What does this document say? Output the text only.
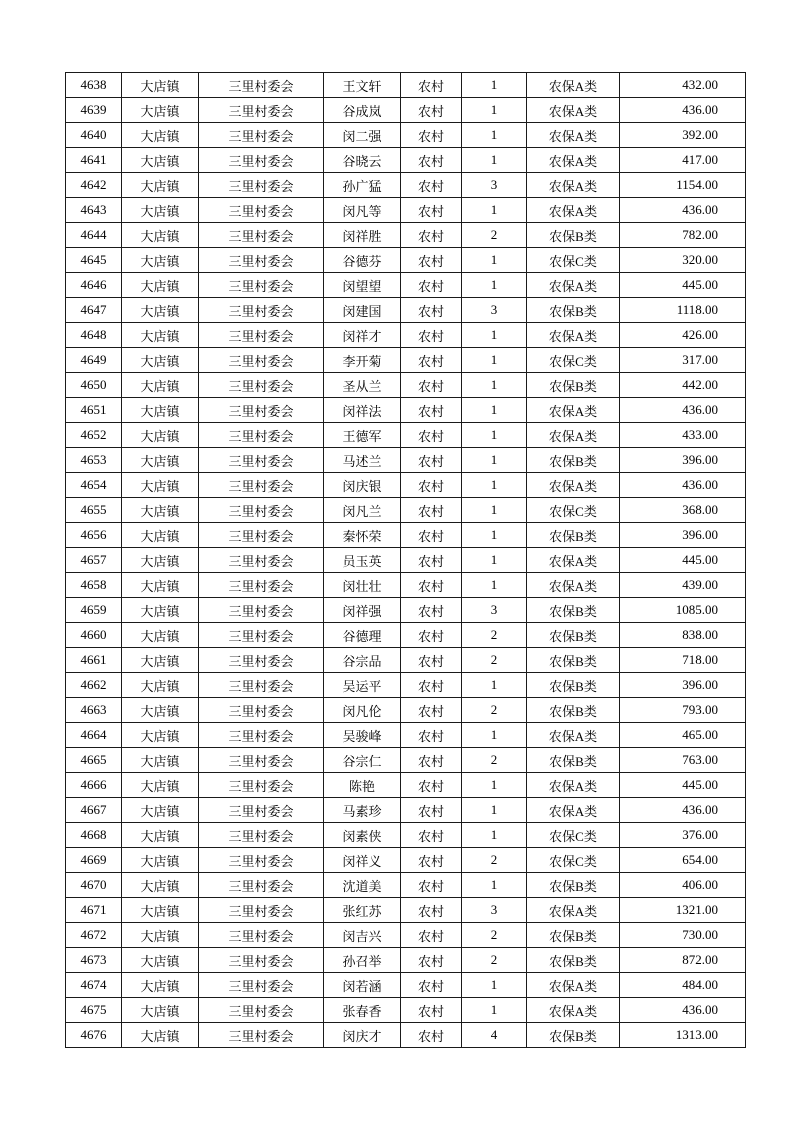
4638	大店镇	三里村委会	王文轩	农村	1	农保A类	432.00
4639	大店镇	三里村委会	谷成岚	农村	1	农保A类	436.00
4640	大店镇	三里村委会	闵二强	农村	1	农保A类	392.00
4641	大店镇	三里村委会	谷晓云	农村	1	农保A类	417.00
4642	大店镇	三里村委会	孙广猛	农村	3	农保A类	1154.00
4643	大店镇	三里村委会	闵凡等	农村	1	农保A类	436.00
4644	大店镇	三里村委会	闵祥胜	农村	2	农保B类	782.00
4645	大店镇	三里村委会	谷德芬	农村	1	农保C类	320.00
4646	大店镇	三里村委会	闵望望	农村	1	农保A类	445.00
4647	大店镇	三里村委会	闵建国	农村	3	农保B类	1118.00
4648	大店镇	三里村委会	闵祥才	农村	1	农保A类	426.00
4649	大店镇	三里村委会	李开菊	农村	1	农保C类	317.00
4650	大店镇	三里村委会	圣从兰	农村	1	农保B类	442.00
4651	大店镇	三里村委会	闵祥法	农村	1	农保A类	436.00
4652	大店镇	三里村委会	王德军	农村	1	农保A类	433.00
4653	大店镇	三里村委会	马述兰	农村	1	农保B类	396.00
4654	大店镇	三里村委会	闵庆银	农村	1	农保A类	436.00
4655	大店镇	三里村委会	闵凡兰	农村	1	农保C类	368.00
4656	大店镇	三里村委会	秦怀荣	农村	1	农保B类	396.00
4657	大店镇	三里村委会	员玉英	农村	1	农保A类	445.00
4658	大店镇	三里村委会	闵壮壮	农村	1	农保A类	439.00
4659	大店镇	三里村委会	闵祥强	农村	3	农保B类	1085.00
4660	大店镇	三里村委会	谷德理	农村	2	农保B类	838.00
4661	大店镇	三里村委会	谷宗品	农村	2	农保B类	718.00
4662	大店镇	三里村委会	吴运平	农村	1	农保B类	396.00
4663	大店镇	三里村委会	闵凡伦	农村	2	农保B类	793.00
4664	大店镇	三里村委会	吴骏峰	农村	1	农保A类	465.00
4665	大店镇	三里村委会	谷宗仁	农村	2	农保B类	763.00
4666	大店镇	三里村委会	陈艳	农村	1	农保A类	445.00
4667	大店镇	三里村委会	马素珍	农村	1	农保A类	436.00
4668	大店镇	三里村委会	闵素侠	农村	1	农保C类	376.00
4669	大店镇	三里村委会	闵祥义	农村	2	农保C类	654.00
4670	大店镇	三里村委会	沈道美	农村	1	农保B类	406.00
4671	大店镇	三里村委会	张红苏	农村	3	农保A类	1321.00
4672	大店镇	三里村委会	闵吉兴	农村	2	农保B类	730.00
4673	大店镇	三里村委会	孙召举	农村	2	农保B类	872.00
4674	大店镇	三里村委会	闵若涵	农村	1	农保A类	484.00
4675	大店镇	三里村委会	张春香	农村	1	农保A类	436.00
4676	大店镇	三里村委会	闵庆才	农村	4	农保B类	1313.00
